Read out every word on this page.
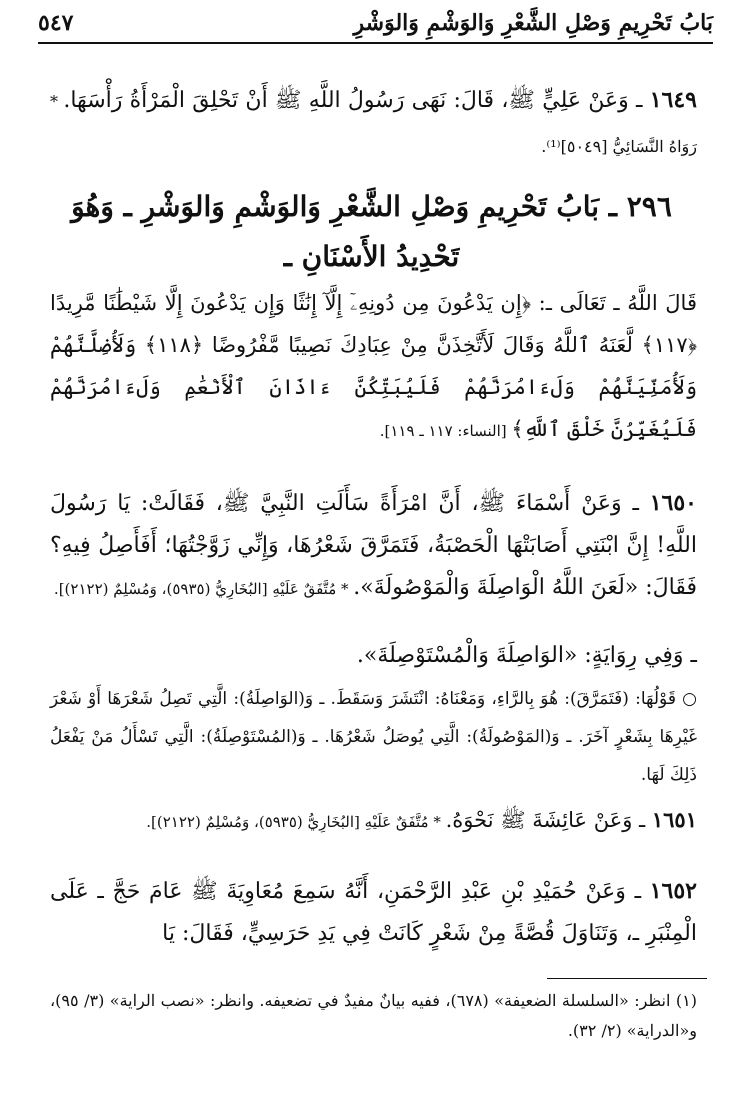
بَابُ تَحْرِيمِ وَصْلِ الشَّعْرِ وَالوَشْمِ وَالوَشْرِ
٥٤٧
١٦٤٩ ـ وَعَنْ عَلِيٍّ ﷺ، قَالَ: نَهَى رَسُولُ اللَّهِ ﷺ أَنْ تَحْلِقَ الْمَرْأَةُ رَأْسَهَا. * رَوَاهُ النَّسَائِيُّ [٥٠٤٩]⁽¹⁾.
٢٩٦ ـ بَابُ تَحْرِيمِ وَصْلِ الشَّعْرِ وَالوَشْمِ وَالوَشْرِ ـ وَهُوَ تَحْدِيدُ الأَسْنَانِ ـ
قَالَ اللَّهُ ـ تَعَالَى ـ: ﴿إِن يَدْعُونَ مِن دُونِهِۦٓ إِلَّآ إِنَٰثًا وَإِن يَدْعُونَ إِلَّا شَيْطَٰنًا مَّرِيدًا ﴿١١٧﴾ لَّعَنَهُ ٱللَّهُ وَقَالَ لَأَتَّخِذَنَّ مِنْ عِبَادِكَ نَصِيبًا مَّفْرُوضًا ﴿١١٨﴾ وَلَأُضِلَّنَّهُمْ وَلَأُمَنِّيَنَّهُمْ وَلَءَامُرَنَّهُمْ فَلَيُبَتِّكُنَّ ءَاذَانَ ٱلْأَنْعَٰمِ وَلَءَامُرَنَّهُمْ فَلَيُغَيِّرُنَّ خَلْقَ ٱللَّهِ﴾ [النساء: ١١٧ ـ ١١٩].
١٦٥٠ ـ وَعَنْ أَسْمَاءَ ﷺ، أَنَّ امْرَأَةً سَأَلَتِ النَّبِيَّ ﷺ، فَقَالَتْ: يَا رَسُولَ اللَّهِ! إِنَّ ابْنَتِي أَصَابَتْهَا الْحَصْبَةُ، فَتَمَرَّقَ شَعْرُهَا، وَإِنِّي زَوَّجْتُهَا؛ أَفَأَصِلُ فِيهِ؟ فَقَالَ: «لَعَنَ اللَّهُ الْوَاصِلَةَ وَالْمَوْصُولَةَ». * مُتَّفَقٌ عَلَيْهِ [البُخَارِيُّ (٥٩٣٥)، وَمُسْلِمٌ (٢١٢٢)].
ـ وَفِي رِوَايَةٍ: «الوَاصِلَةَ وَالْمُسْتَوْصِلَةَ».
○ قَوْلُهَا: (فَتَمَرَّقَ): هُوَ بِالرَّاءِ، وَمَعْنَاهُ: انْتَشَرَ وَسَقَطَ. ـ وَ(الوَاصِلَةُ): الَّتِي تَصِلُ شَعْرَهَا أَوْ شَعْرَ غَيْرِهَا بِشَعْرٍ آخَرَ. ـ وَ(المَوْصُولَةُ): الَّتِي يُوصَلُ شَعْرُهَا. ـ وَ(المُسْتَوْصِلَةُ): الَّتِي تَسْأَلُ مَنْ يَفْعَلُ ذَلِكَ لَهَا.
١٦٥١ ـ وَعَنْ عَائِشَةَ ﷺ نَحْوَهُ. * مُتَّفَقٌ عَلَيْهِ [البُخَارِيُّ (٥٩٣٥)، وَمُسْلِمٌ (٢١٢٢)].
١٦٥٢ ـ وَعَنْ حُمَيْدِ بْنِ عَبْدِ الرَّحْمَنِ، أَنَّهُ سَمِعَ مُعَاوِيَةَ ﷺ عَامَ حَجَّ ـ عَلَى الْمِنْبَرِ ـ، وَتَنَاوَلَ قُصَّةً مِنْ شَعْرٍ كَانَتْ فِي يَدِ حَرَسِيٍّ، فَقَالَ: يَا
(١) انظر: «السلسلة الضعيفة» (٦٧٨)، ففيه بيانٌ مفيدٌ في تضعيفه. وانظر: «نصب الراية» (٣/ ٩٥)، و«الدراية» (٢/ ٣٢).
